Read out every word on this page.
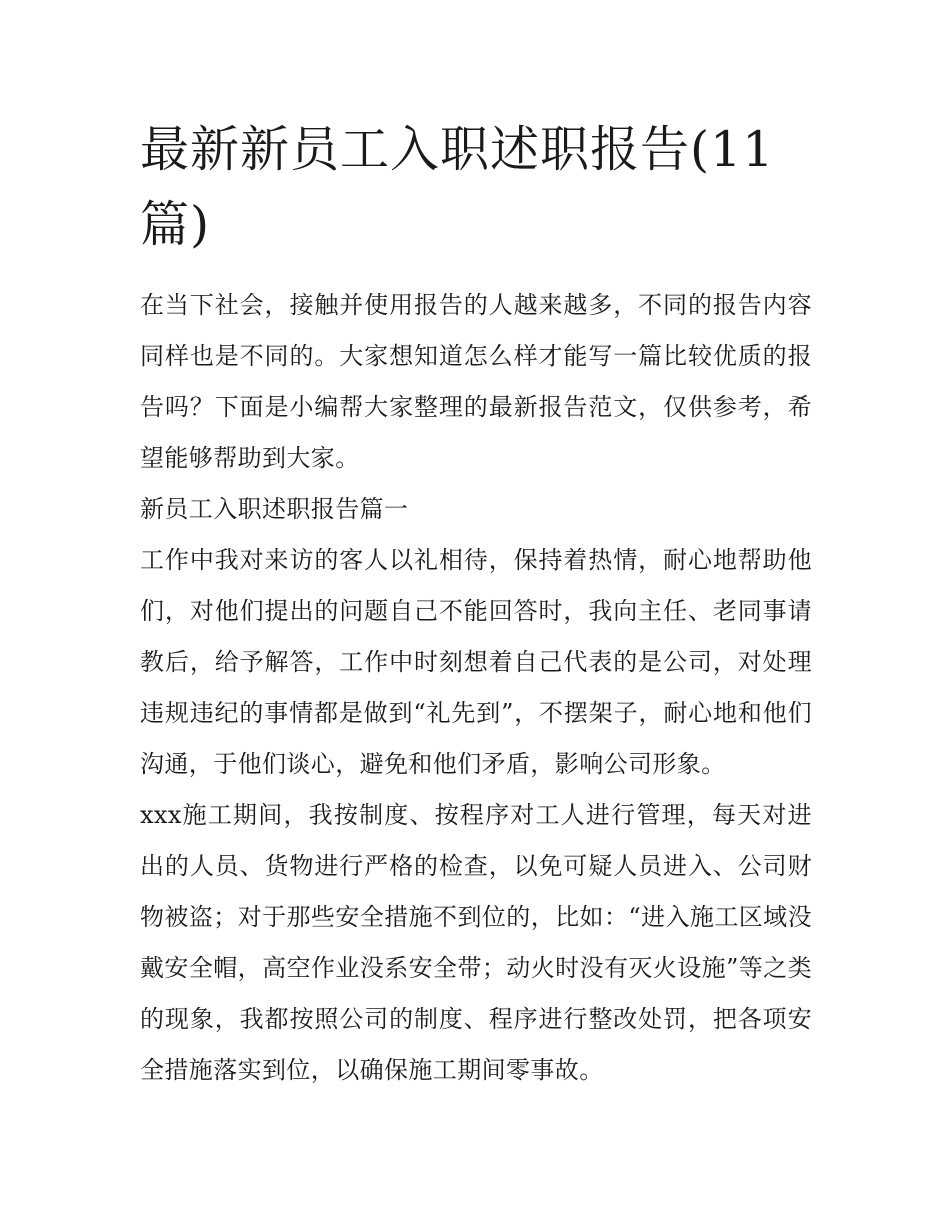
最新新员工入职述职报告(11篇)

在当下社会，接触并使用报告的人越来越多，不同的报告内容同样也是不同的。大家想知道怎么样才能写一篇比较优质的报告吗？下面是小编帮大家整理的最新报告范文，仅供参考，希望能够帮助到大家。

新员工入职述职报告篇一

工作中我对来访的客人以礼相待，保持着热情，耐心地帮助他们，对他们提出的问题自己不能回答时，我向主任、老同事请教后，给予解答，工作中时刻想着自己代表的是公司，对处理违规违纪的事情都是做到“礼先到”，不摆架子，耐心地和他们沟通，于他们谈心，避免和他们矛盾，影响公司形象。

xxx施工期间，我按制度、按程序对工人进行管理，每天对进出的人员、货物进行严格的检查，以免可疑人员进入、公司财物被盗；对于那些安全措施不到位的，比如：“进入施工区域没戴安全帽，高空作业没系安全带；动火时没有灭火设施”等之类的现象，我都按照公司的制度、程序进行整改处罚，把各项安全措施落实到位，以确保施工期间零事故。
